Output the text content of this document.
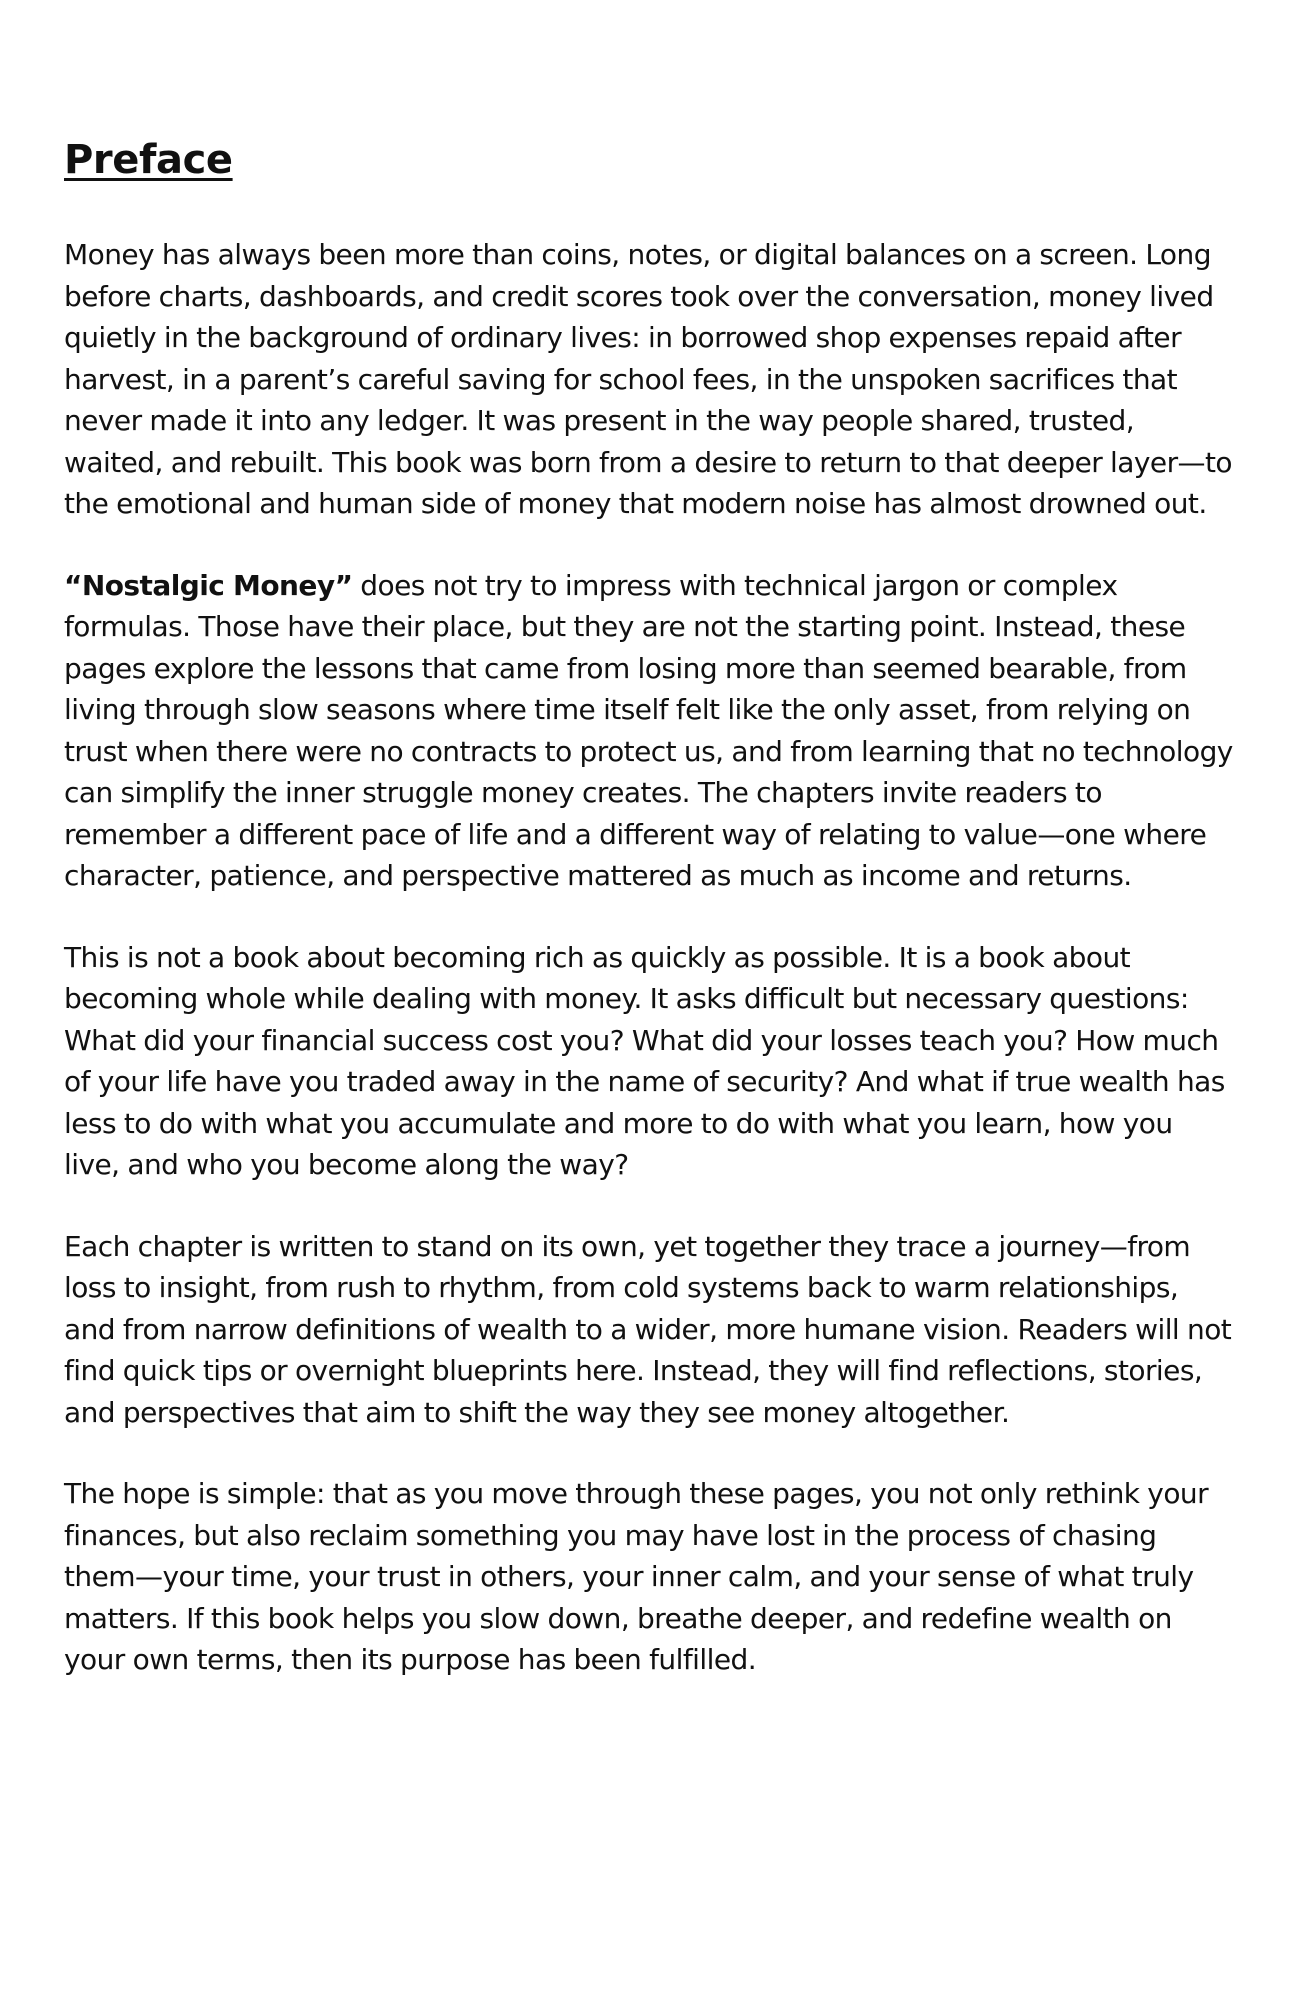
Preface

Money has always been more than coins, notes, or digital balances on a screen. Long before charts, dashboards, and credit scores took over the conversation, money lived quietly in the background of ordinary lives: in borrowed shop expenses repaid after harvest, in a parent’s careful saving for school fees, in the unspoken sacrifices that never made it into any ledger. It was present in the way people shared, trusted, waited, and rebuilt. This book was born from a desire to return to that deeper layer—to the emotional and human side of money that modern noise has almost drowned out.

“Nostalgic Money” does not try to impress with technical jargon or complex formulas. Those have their place, but they are not the starting point. Instead, these pages explore the lessons that came from losing more than seemed bearable, from living through slow seasons where time itself felt like the only asset, from relying on trust when there were no contracts to protect us, and from learning that no technology can simplify the inner struggle money creates. The chapters invite readers to remember a different pace of life and a different way of relating to value—one where character, patience, and perspective mattered as much as income and returns.

This is not a book about becoming rich as quickly as possible. It is a book about becoming whole while dealing with money. It asks difficult but necessary questions: What did your financial success cost you? What did your losses teach you? How much of your life have you traded away in the name of security? And what if true wealth has less to do with what you accumulate and more to do with what you learn, how you live, and who you become along the way?

Each chapter is written to stand on its own, yet together they trace a journey—from loss to insight, from rush to rhythm, from cold systems back to warm relationships, and from narrow definitions of wealth to a wider, more humane vision. Readers will not find quick tips or overnight blueprints here. Instead, they will find reflections, stories, and perspectives that aim to shift the way they see money altogether.

The hope is simple: that as you move through these pages, you not only rethink your finances, but also reclaim something you may have lost in the process of chasing them—your time, your trust in others, your inner calm, and your sense of what truly matters. If this book helps you slow down, breathe deeper, and redefine wealth on your own terms, then its purpose has been fulfilled.
